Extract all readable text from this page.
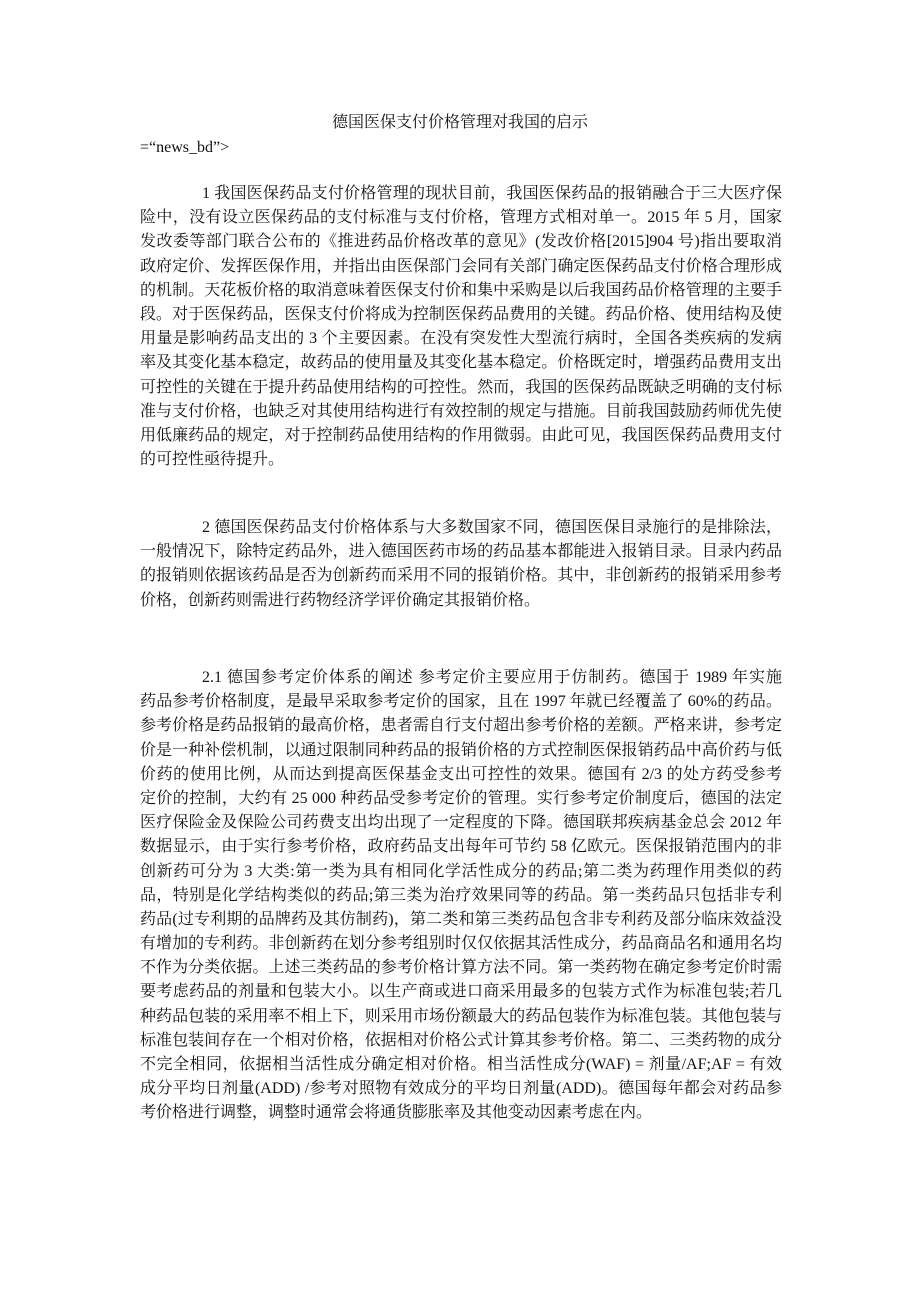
德国医保支付价格管理对我国的启示
=“news_bd”>
1 我国医保药品支付价格管理的现状目前，我国医保药品的报销融合于三大医疗保
险中，没有设立医保药品的支付标准与支付价格，管理方式相对单一。2015 年 5 月，国家
发改委等部门联合公布的《推进药品价格改革的意见》(发改价格[2015]904 号)指出要取消
政府定价、发挥医保作用，并指出由医保部门会同有关部门确定医保药品支付价格合理形成
的机制。天花板价格的取消意味着医保支付价和集中采购是以后我国药品价格管理的主要手
段。对于医保药品，医保支付价将成为控制医保药品费用的关键。药品价格、使用结构及使
用量是影响药品支出的 3 个主要因素。在没有突发性大型流行病时，全国各类疾病的发病
率及其变化基本稳定，故药品的使用量及其变化基本稳定。价格既定时，增强药品费用支出
可控性的关键在于提升药品使用结构的可控性。然而，我国的医保药品既缺乏明确的支付标
准与支付价格，也缺乏对其使用结构进行有效控制的规定与措施。目前我国鼓励药师优先使
用低廉药品的规定，对于控制药品使用结构的作用微弱。由此可见，我国医保药品费用支付
的可控性亟待提升。
2 德国医保药品支付价格体系与大多数国家不同，德国医保目录施行的是排除法，
一般情况下，除特定药品外，进入德国医药市场的药品基本都能进入报销目录。目录内药品
的报销则依据该药品是否为创新药而采用不同的报销价格。其中，非创新药的报销采用参考
价格，创新药则需进行药物经济学评价确定其报销价格。
2.1 德国参考定价体系的阐述 参考定价主要应用于仿制药。德国于 1989 年实施
药品参考价格制度，是最早采取参考定价的国家，且在 1997 年就已经覆盖了 60%的药品。
参考价格是药品报销的最高价格，患者需自行支付超出参考价格的差额。严格来讲，参考定
价是一种补偿机制，以通过限制同种药品的报销价格的方式控制医保报销药品中高价药与低
价药的使用比例，从而达到提高医保基金支出可控性的效果。德国有 2/3 的处方药受参考
定价的控制，大约有 25 000 种药品受参考定价的管理。实行参考定价制度后，德国的法定
医疗保险金及保险公司药费支出均出现了一定程度的下降。德国联邦疾病基金总会 2012 年
数据显示，由于实行参考价格，政府药品支出每年可节约 58 亿欧元。医保报销范围内的非
创新药可分为 3 大类:第一类为具有相同化学活性成分的药品;第二类为药理作用类似的药
品，特别是化学结构类似的药品;第三类为治疗效果同等的药品。第一类药品只包括非专利
药品(过专利期的品牌药及其仿制药)，第二类和第三类药品包含非专利药及部分临床效益没
有增加的专利药。非创新药在划分参考组别时仅仅依据其活性成分，药品商品名和通用名均
不作为分类依据。上述三类药品的参考价格计算方法不同。第一类药物在确定参考定价时需
要考虑药品的剂量和包装大小。以生产商或进口商采用最多的包装方式作为标准包装;若几
种药品包装的采用率不相上下，则采用市场份额最大的药品包装作为标准包装。其他包装与
标准包装间存在一个相对价格，依据相对价格公式计算其参考价格。第二、三类药物的成分
不完全相同，依据相当活性成分确定相对价格。相当活性成分(WAF) = 剂量/AF;AF = 有效
成分平均日剂量(ADD) /参考对照物有效成分的平均日剂量(ADD)。德国每年都会对药品参
考价格进行调整，调整时通常会将通货膨胀率及其他变动因素考虑在内。
